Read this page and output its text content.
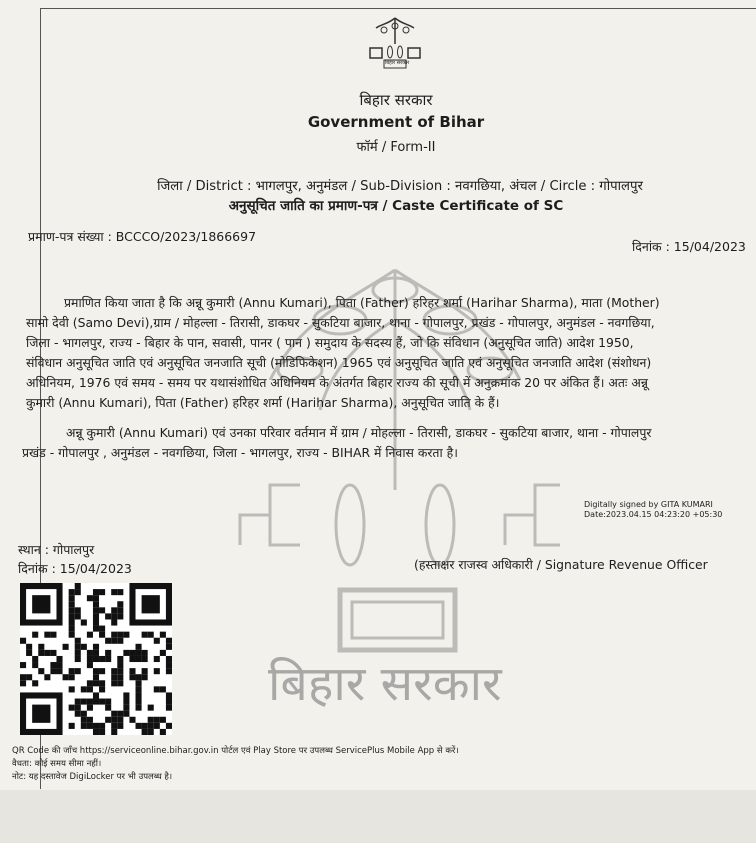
बिहार सरकार
बिहार सरकार
बिहार सरकार
Government of Bihar
फॉर्म / Form-II
जिला / District : भागलपुर, अनुमंडल / Sub-Division : नवगछिया, अंचल / Circle : गोपालपुर
अनुसूचित जाति का प्रमाण-पत्र / Caste Certificate of SC
प्रमाण-पत्र संख्या : BCCCO/2023/1866697
दिनांक : 15/04/2023
प्रमाणित किया जाता है कि अन्नू कुमारी (Annu Kumari), पिता (Father) हरिहर शर्मा (Harihar Sharma), माता (Mother)
सामो देवी (Samo Devi),ग्राम / मोहल्ला - तिरासी, डाकघर - सुकटिया बाजार, थाना - गोपालपुर, प्रखंड - गोपालपुर, अनुमंडल - नवगछिया,
जिला - भागलपुर, राज्य - बिहार के पान, सवासी, पानर ( पान ) समुदाय के सदस्य हैं, जो कि संविधान (अनुसूचित जाति) आदेश 1950,
संविधान अनुसूचित जाति एवं अनुसूचित जनजाति सूची (मोडिफिकेशन) 1965 एवं अनुसूचित जाति एवं अनुसूचित जनजाति आदेश (संशोधन)
अधिनियम, 1976 एवं समय - समय पर यथासंशोधित अधिनियम के अंतर्गत बिहार राज्य की सूची में अनुक्रमांक 20 पर अंकित हैं। अतः अन्नू
कुमारी (Annu Kumari), पिता (Father) हरिहर शर्मा (Harihar Sharma), अनुसूचित जाति के हैं।
अन्नू कुमारी (Annu Kumari) एवं उनका परिवार वर्तमान में ग्राम / मोहल्ला - तिरासी, डाकघर - सुकटिया बाजार, थाना - गोपालपुर
प्रखंड - गोपालपुर , अनुमंडल - नवगछिया, जिला - भागलपुर, राज्य - BIHAR में निवास करता है।
Digitally signed by GITA KUMARI
Date:2023.04.15 04:23:20 +05:30
स्थान : गोपालपुर
दिनांक : 15/04/2023	(हस्ताक्षर राजस्व अधिकारी / Signature Revenue Officer
QR Code की जाँच https://serviceonline.bihar.gov.in पोर्टल एवं Play Store पर उपलब्ध ServicePlus Mobile App से करें।
वैधता: कोई समय सीमा नहीं।
नोट: यह दस्तावेज DigiLocker पर भी उपलब्ध है।
